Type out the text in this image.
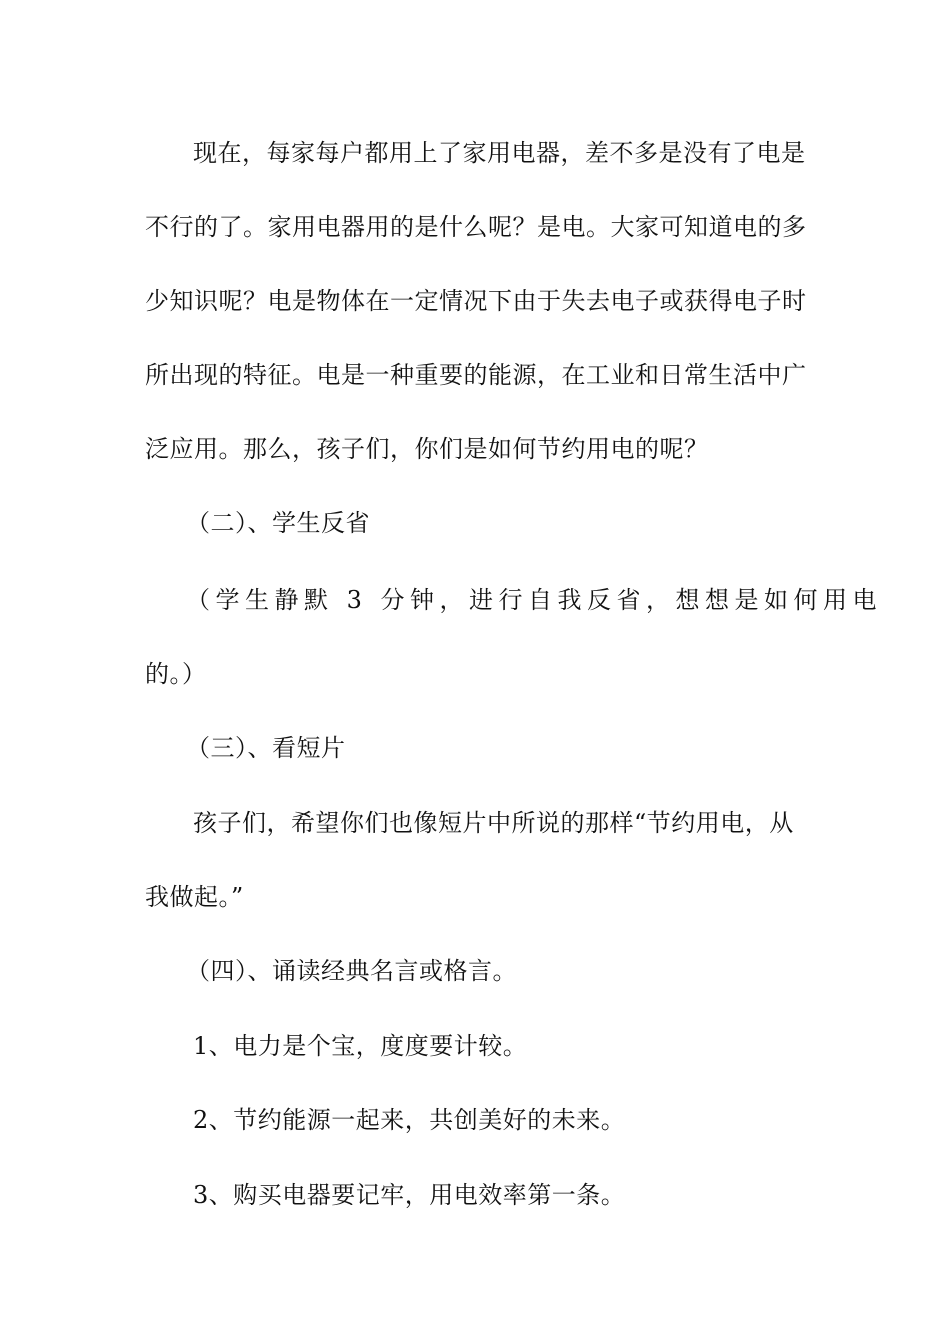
现在，每家每户都用上了家用电器，差不多是没有了电是
不行的了。家用电器用的是什么呢？是电。大家可知道电的多
少知识呢？电是物体在一定情况下由于失去电子或获得电子时
所出现的特征。电是一种重要的能源，在工业和日常生活中广
泛应用。那么，孩子们，你们是如何节约用电的呢？
（二）、学生反省
（学生静默 3 分钟，进行自我反省，想想是如何用电
的。）
（三）、看短片
孩子们，希望你们也像短片中所说的那样“节约用电，从
我做起。”
（四）、诵读经典名言或格言。
1、电力是个宝，度度要计较。
2、节约能源一起来，共创美好的未来。
3、购买电器要记牢，用电效率第一条。
